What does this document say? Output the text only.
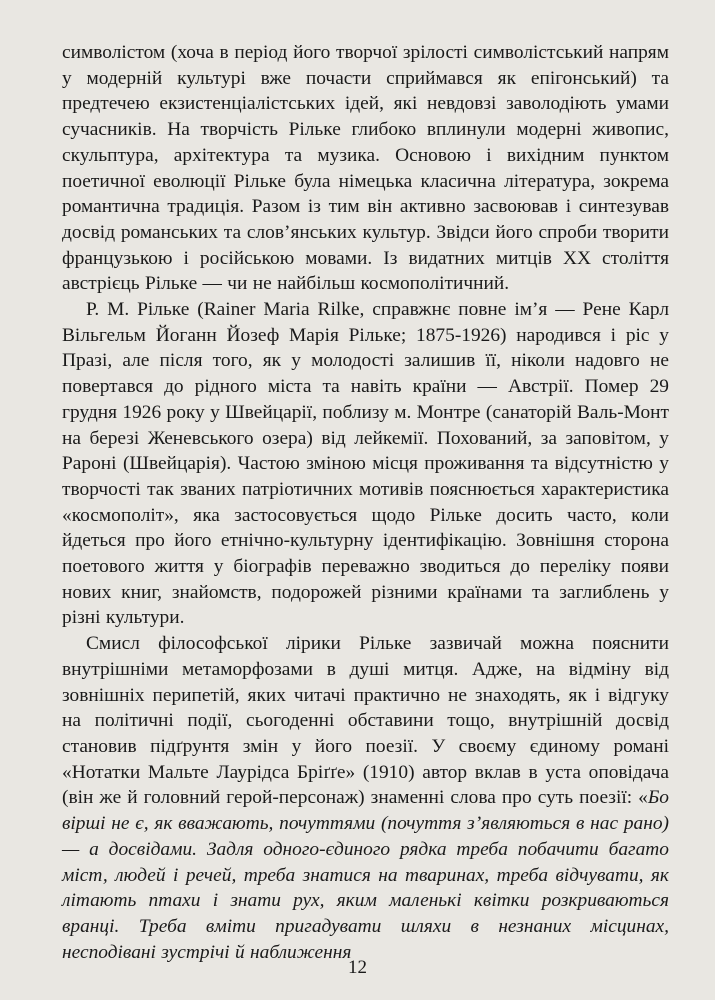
символістом (хоча в період його творчої зрілості символістський напрям у модерній культурі вже почасти сприймався як епігонський) та предтечею екзистенціалістських ідей, які невдовзі заволодіють умами сучасників. На творчість Рільке глибоко вплинули модерні живопис, скульптура, архітектура та музика. Основою і вихідним пунктом поетичної еволюції Рільке була німецька класична література, зокрема романтична традиція. Разом із тим він активно засвоював і синтезував досвід романських та слов’янських культур. Звідси його спроби творити французькою і російською мовами. Із видатних митців XX століття австрієць Рільке — чи не найбільш космополітичний.

Р. М. Рільке (Rainer Maria Rilke, справжнє повне ім’я — Рене Карл Вільгельм Йоганн Йозеф Марія Рільке; 1875-1926) народився і ріс у Празі, але після того, як у молодості залишив її, ніколи надовго не повертався до рідного міста та навіть країни — Австрії. Помер 29 грудня 1926 року у Швейцарії, поблизу м. Монтре (санаторій Валь-Монт на березі Женевського озера) від лейкемії. Похований, за заповітом, у Рароні (Швейцарія). Частою зміною місця проживання та відсутністю у творчості так званих патріотичних мотивів пояснюється характеристика «космополіт», яка застосовується щодо Рільке досить часто, коли йдеться про його етнічно-культурну ідентифікацію. Зовнішня сторона поетового життя у біографів переважно зводиться до переліку появи нових книг, знайомств, подорожей різними країнами та заглиблень у різні культури.

Смисл філософської лірики Рільке зазвичай можна пояснити внутрішніми метаморфозами в душі митця. Адже, на відміну від зовнішніх перипетій, яких читачі практично не знаходять, як і відгуку на політичні події, сьогоденні обставини тощо, внутрішній досвід становив підґрунтя змін у його поезії. У своєму єдиному романі «Нотатки Мальте Лаурідса Бріґґе» (1910) автор вклав в уста оповідача (він же й головний герой-персонаж) знаменні слова про суть поезії: «Бо вірші не є, як вважають, почуттями (почуття з’являються в нас рано) — а досвідами. Задля одного-єдиного рядка треба побачити багато міст, людей і речей, треба знатися на тваринах, треба відчувати, як літають птахи і знати рух, яким маленькі квітки розкриваються вранці. Треба вміти пригадувати шляхи в незнаних місцинах, несподівані зустрічі й наближення

12
